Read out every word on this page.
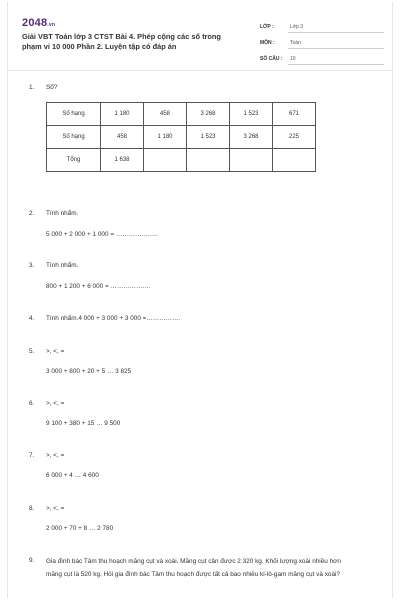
2048.vn
Giải VBT Toán lớp 3 CTST Bài 4. Phép cộng các số trong phạm vi 10 000 Phần 2. Luyện tập có đáp án
LỚP :	Lớp 3
MÔN :	Toán
SỐ CÂU :	10
1. Số?
Số hạng	1 180	458	3 268	1 523	671
Số hạng	458	1 180	1 523	3 268	225
Tổng	1 638				
2. Tính nhẩm.
5 000 + 2 000 + 1 000 = ………………..
3. Tính nhẩm.
800 + 1 200 + 6 000 = ……………….
4. Tính nhẩm.4 000 + 3 000 + 3 000 =…………….
5. >, <, =
3 000 + 800 + 20 + 5 … 3 825
6. >, <, =
9 100 + 380 + 15 … 9 500
7. >, <, =
6 000 + 4 … 4 600
8. >, <, =
2 000 + 70 + 8 … 2 780
9.	Gia đình bác Tâm thu hoạch măng cụt và xoài. Măng cụt cân được 2 320 kg. Khối lượng xoài nhiều hơn măng cụt là 520 kg. Hỏi gia đình bác Tâm thu hoạch được tất cả bao nhiêu ki-lô-gam măng cụt và xoài?
